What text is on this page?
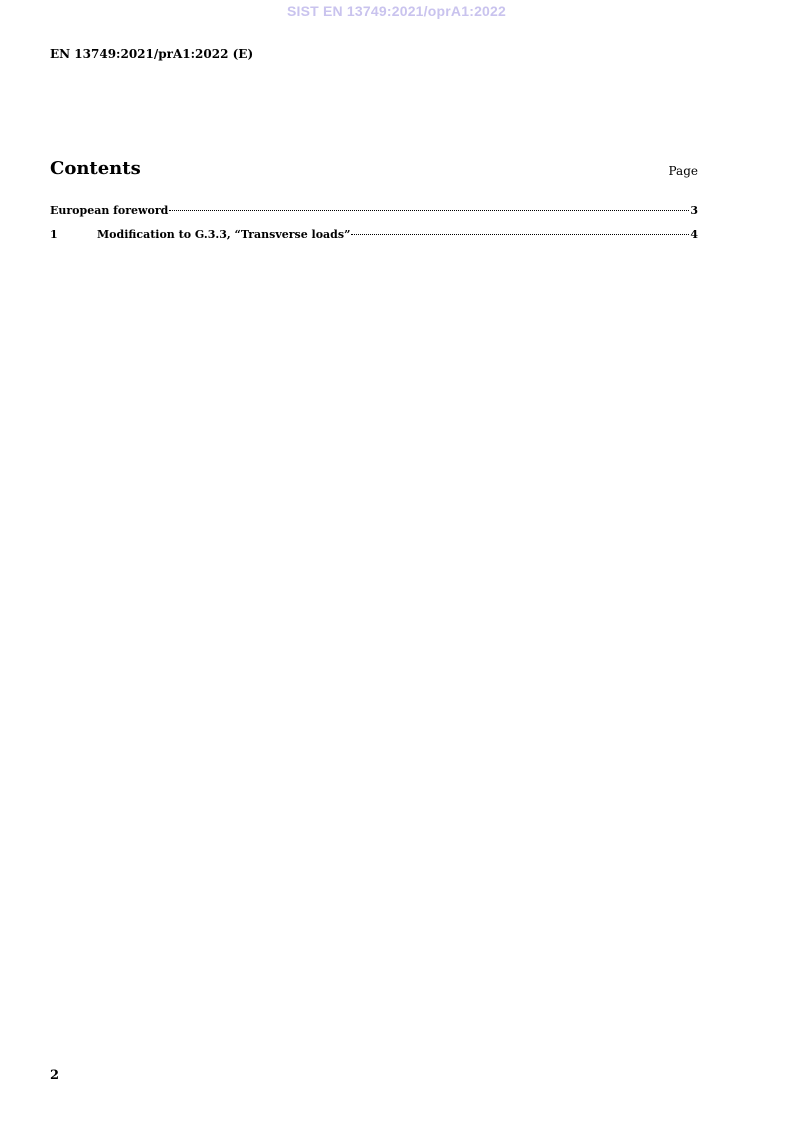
SIST EN 13749:2021/oprA1:2022
EN 13749:2021/prA1:2022 (E)
Contents	Page
European foreword	3
1	Modification to G.3.3, “Transverse loads”	4
2
